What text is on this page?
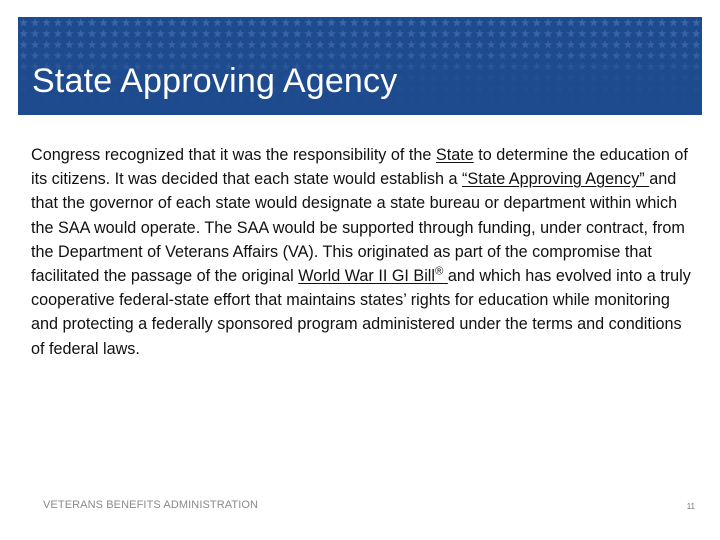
State Approving Agency

Congress recognized that it was the responsibility of the State to determine the education of its citizens. It was decided that each state would establish a “State Approving Agency” and that the governor of each state would designate a state bureau or department within which the SAA would operate. The SAA would be supported through funding, under contract, from the Department of Veterans Affairs (VA). This originated as part of the compromise that facilitated the passage of the original World War II GI Bill® and which has evolved into a truly cooperative federal-state effort that maintains states’ rights for education while monitoring and protecting a federally sponsored program administered under the terms and conditions of federal laws.

VETERANS BENEFITS ADMINISTRATION	11
